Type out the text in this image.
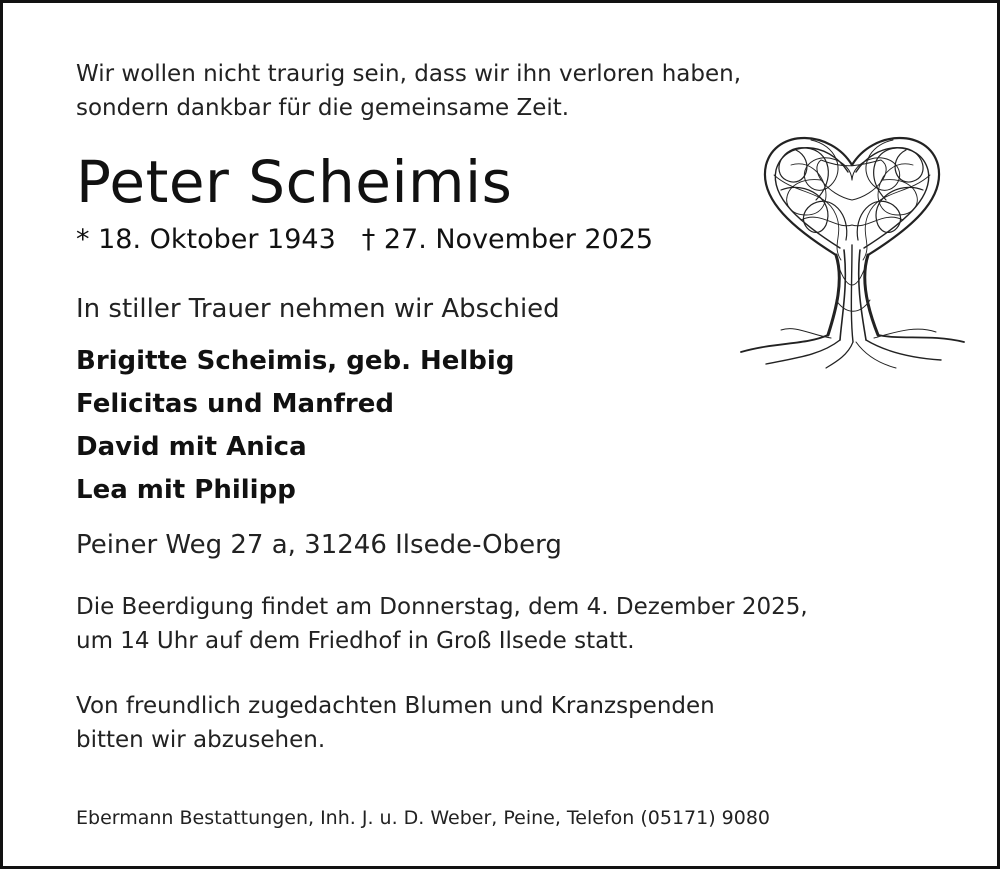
Wir wollen nicht traurig sein, dass wir ihn verloren haben,
sondern dankbar für die gemeinsame Zeit.
Peter Scheimis
* 18. Oktober 1943 † 27. November 2025
In stiller Trauer nehmen wir Abschied
Brigitte Scheimis, geb. Helbig
Felicitas und Manfred
David mit Anica
Lea mit Philipp
Peiner Weg 27 a, 31246 Ilsede-Oberg
Die Beerdigung findet am Donnerstag, dem 4. Dezember 2025,
um 14 Uhr auf dem Friedhof in Groß Ilsede statt.
Von freundlich zugedachten Blumen und Kranzspenden
bitten wir abzusehen.
Ebermann Bestattungen, Inh. J. u. D. Weber, Peine, Telefon (05171) 9080
